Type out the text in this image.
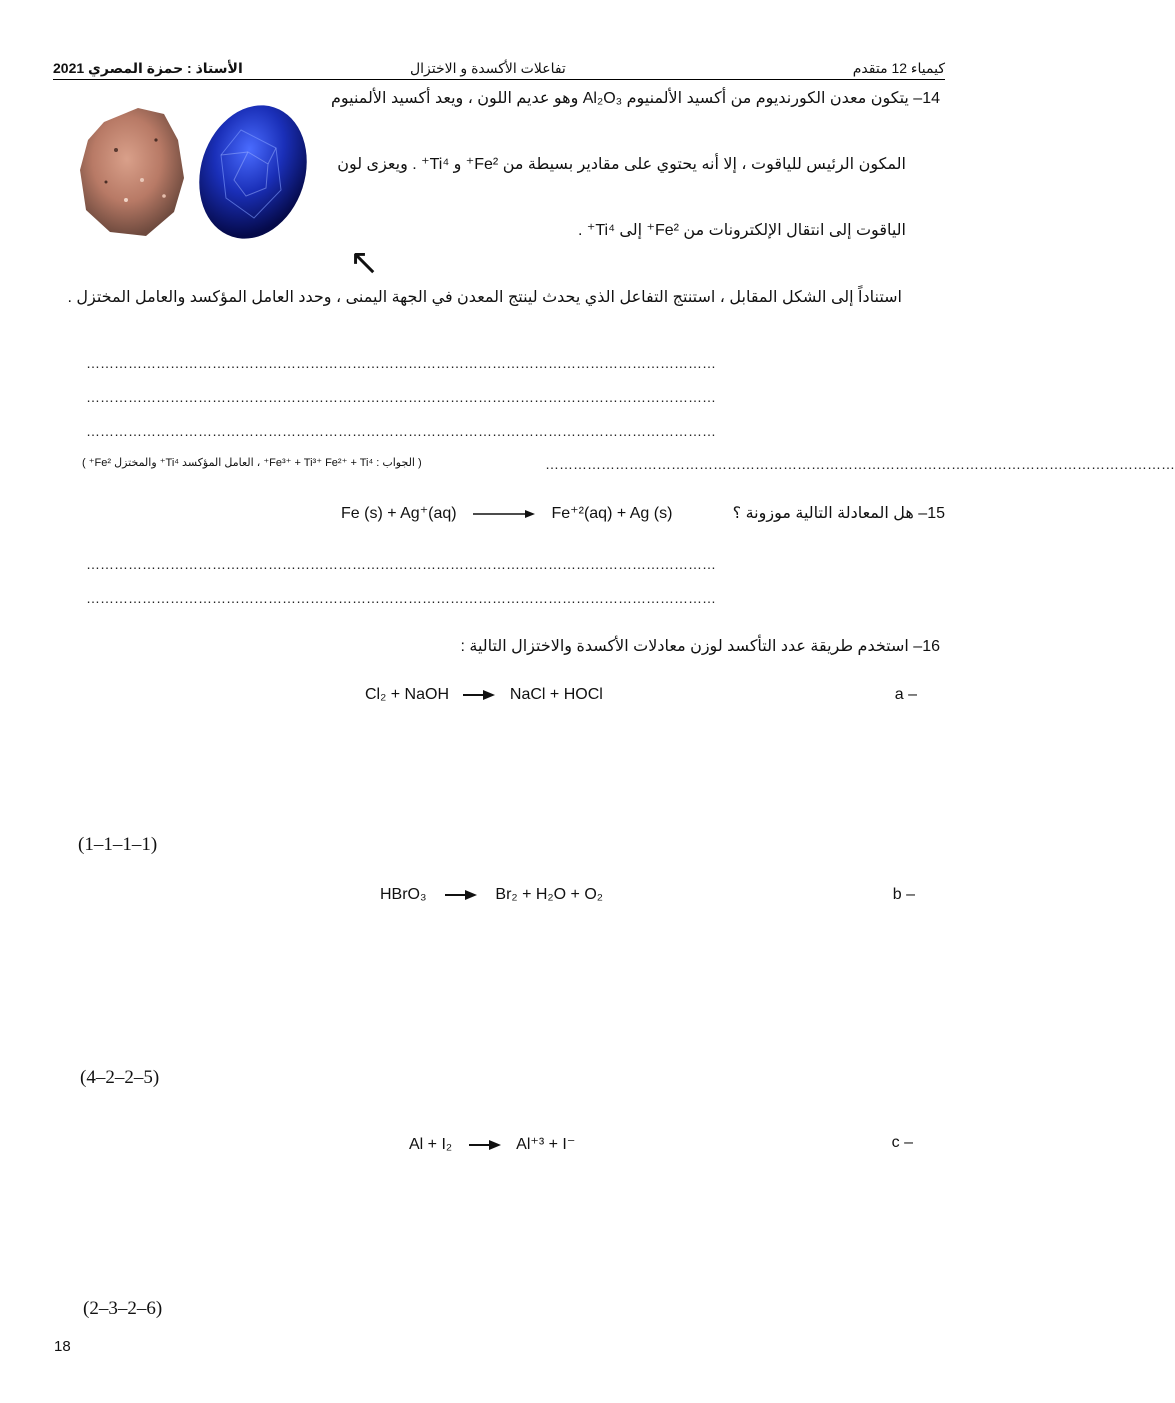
كيمياء 12 متقدم
تفاعلات الأكسدة و الاختزال
الأستاذ : حمزة المصري 2021
↖
14– يتكون معدن الكورنديوم من أكسيد الألمنيوم Al₂O₃ وهو عديم اللون ، ويعد أكسيد الألمنيوم
المكون الرئيس للياقوت ، إلا أنه يحتوي على مقادير بسيطة من Fe²⁺ و Ti⁴⁺ . ويعزى لون
الياقوت إلى انتقال الإلكترونات من Fe²⁺ إلى Ti⁴⁺ .
استناداً إلى الشكل المقابل ، استنتج التفاعل الذي يحدث لينتج المعدن في الجهة اليمنى ، وحدد العامل المؤكسد والعامل المختزل .
………………………………………………………………………………………………………………………
………………………………………………………………………………………………………………………
………………………………………………………………………………………………………………………
………………………………………………………………………………………………………………………
( الجواب : Fe³⁺ + Ti³⁺ Fe²⁺ + Ti⁴⁺ ، العامل المؤكسد Ti⁴⁺ والمختزل Fe²⁺ )
15– هل المعادلة التالية موزونة ؟
Fe (s) + Ag⁺(aq) → Fe⁺²(aq) + Ag (s)
………………………………………………………………………………………………………………………
………………………………………………………………………………………………………………………
16– استخدم طريقة عدد التأكسد لوزن معادلات الأكسدة والاختزال التالية :
a –
Cl₂ + NaOH → NaCl + HOCl
(1–1–1–1)
b –
HBrO₃ → Br₂ + H₂O + O₂
(4–2–2–5)
c –
Al + I₂ → Al⁺³ + I⁻
(2–3–2–6)
18
